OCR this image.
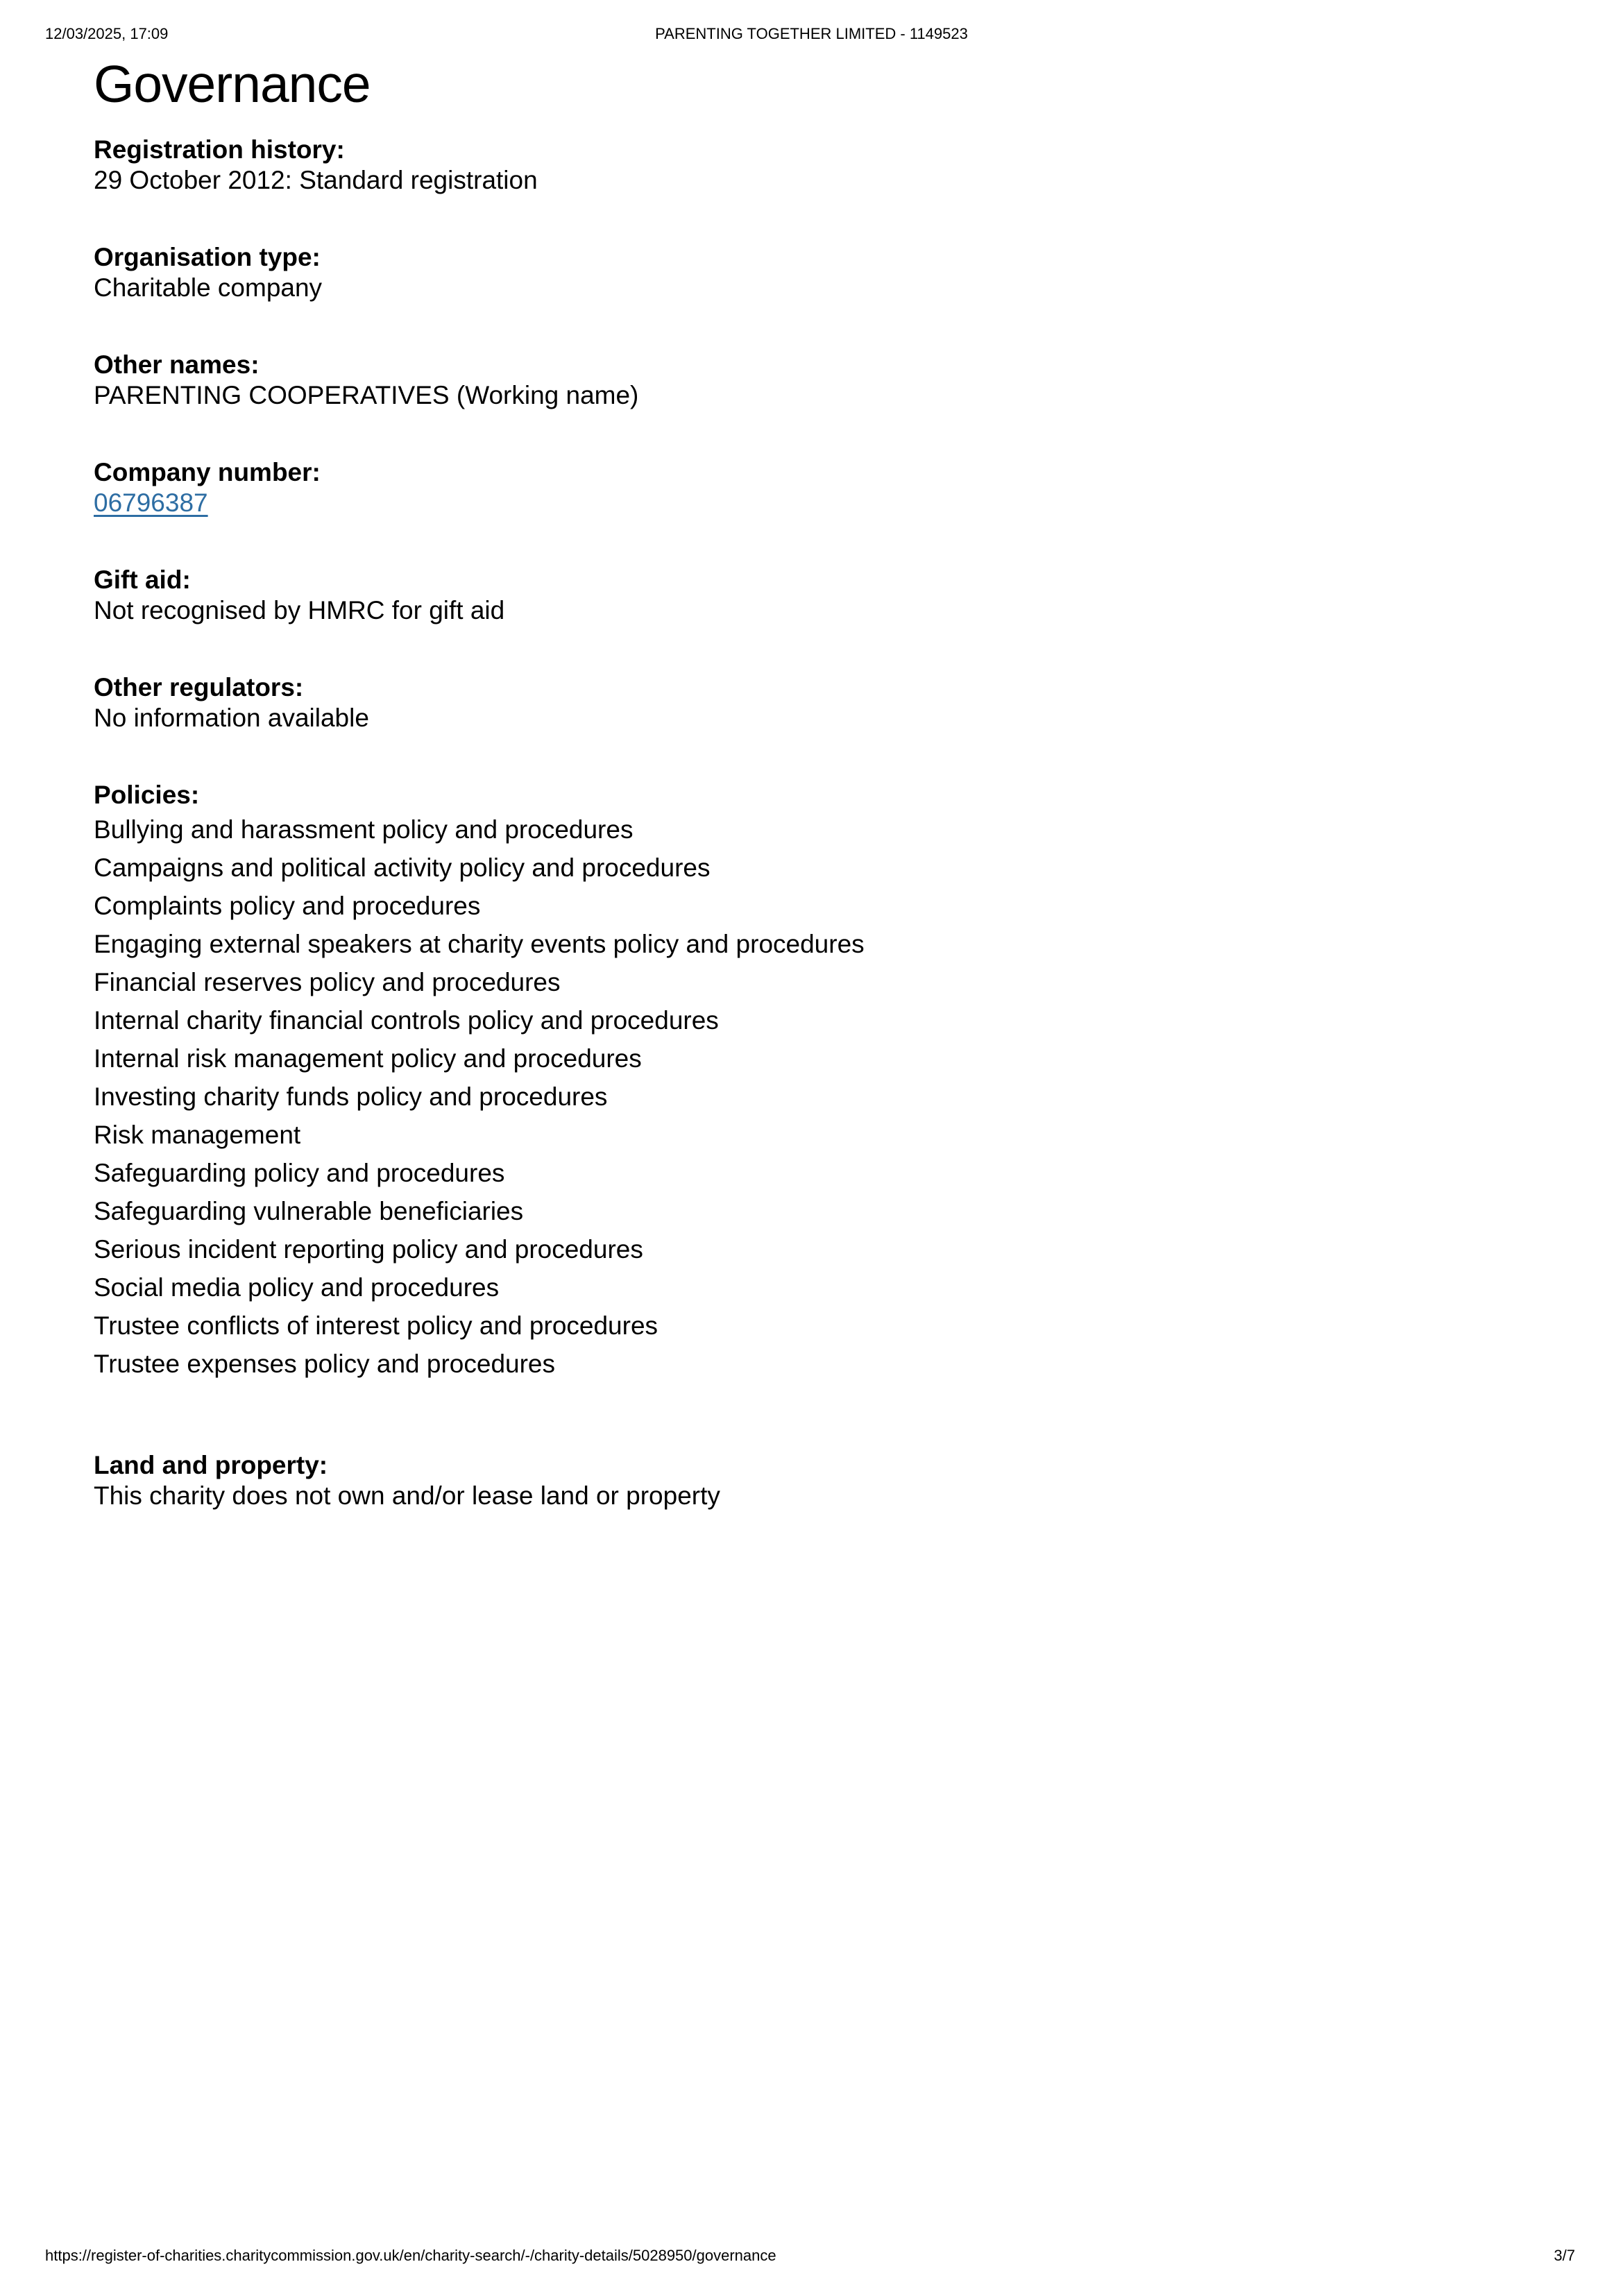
12/03/2025, 17:09	PARENTING TOGETHER LIMITED - 1149523
Governance
Registration history:
29 October 2012: Standard registration
Organisation type:
Charitable company
Other names:
PARENTING COOPERATIVES (Working name)
Company number:
06796387
Gift aid:
Not recognised by HMRC for gift aid
Other regulators:
No information available
Policies:

Bullying and harassment policy and procedures

Campaigns and political activity policy and procedures

Complaints policy and procedures

Engaging external speakers at charity events policy and procedures

Financial reserves policy and procedures

Internal charity financial controls policy and procedures

Internal risk management policy and procedures

Investing charity funds policy and procedures

Risk management

Safeguarding policy and procedures

Safeguarding vulnerable beneficiaries

Serious incident reporting policy and procedures

Social media policy and procedures

Trustee conflicts of interest policy and procedures

Trustee expenses policy and procedures

Land and property:
This charity does not own and/or lease land or property
https://register-of-charities.charitycommission.gov.uk/en/charity-search/-/charity-details/5028950/governance	3/7
